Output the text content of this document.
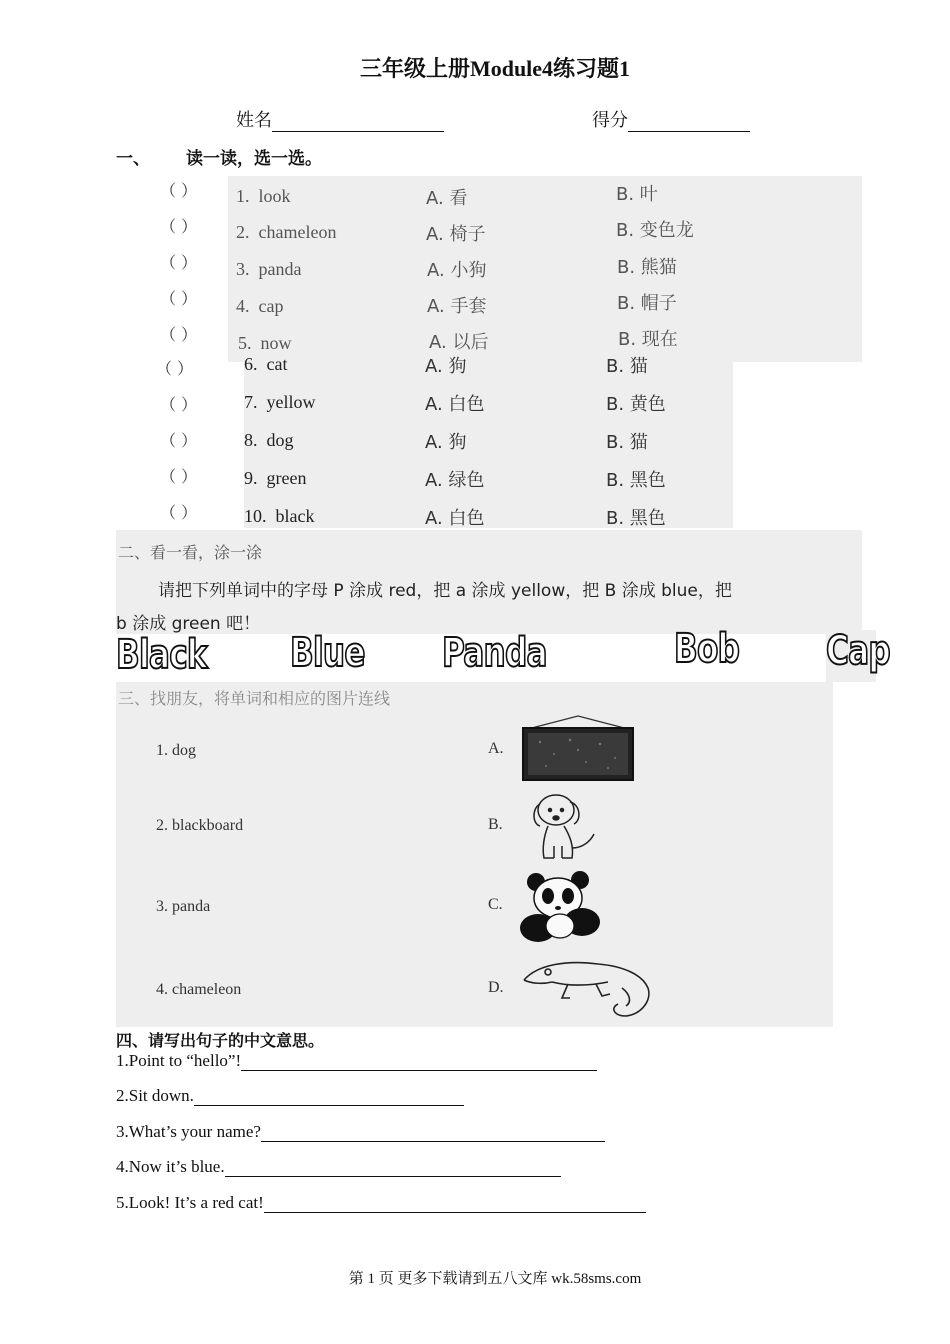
三年级上册Module4练习题1
姓名	得分
一、 读一读，选一选。
（ ）
（ ）
（ ）
（ ）
（ ）
（ ）
（ ）
（ ）
（ ）
（ ）
1. look	A. 看	B. 叶
2. chameleon	A. 椅子	B. 变色龙
3. panda	A. 小狗	B. 熊猫
4. cap	A. 手套	B. 帽子
5. now	A. 以后	B. 现在
6. cat	A. 狗	B. 猫
7. yellow	A. 白色	B. 黄色
8. dog	A. 狗	B. 猫
9. green	A. 绿色	B. 黑色
10. black	A. 白色	B. 黑色
二、看一看，涂一涂
请把下列单词中的字母 P 涂成 red，把 a 涂成 yellow，把 B 涂成 blue，把
b 涂成 green 吧！
Black Blue Panda	Bob Cap
三、找朋友，将单词和相应的图片连线
1. dog
2. blackboard
3. panda
4. chameleon
A.
B.
C.
D.
四、请写出句子的中文意思。
1.Point to “hello”!
2.Sit down.
3.What’s your name?
4.Now it’s blue.
5.Look! It’s a red cat!
第 1 页 更多下载请到五八文库 wk.58sms.com
